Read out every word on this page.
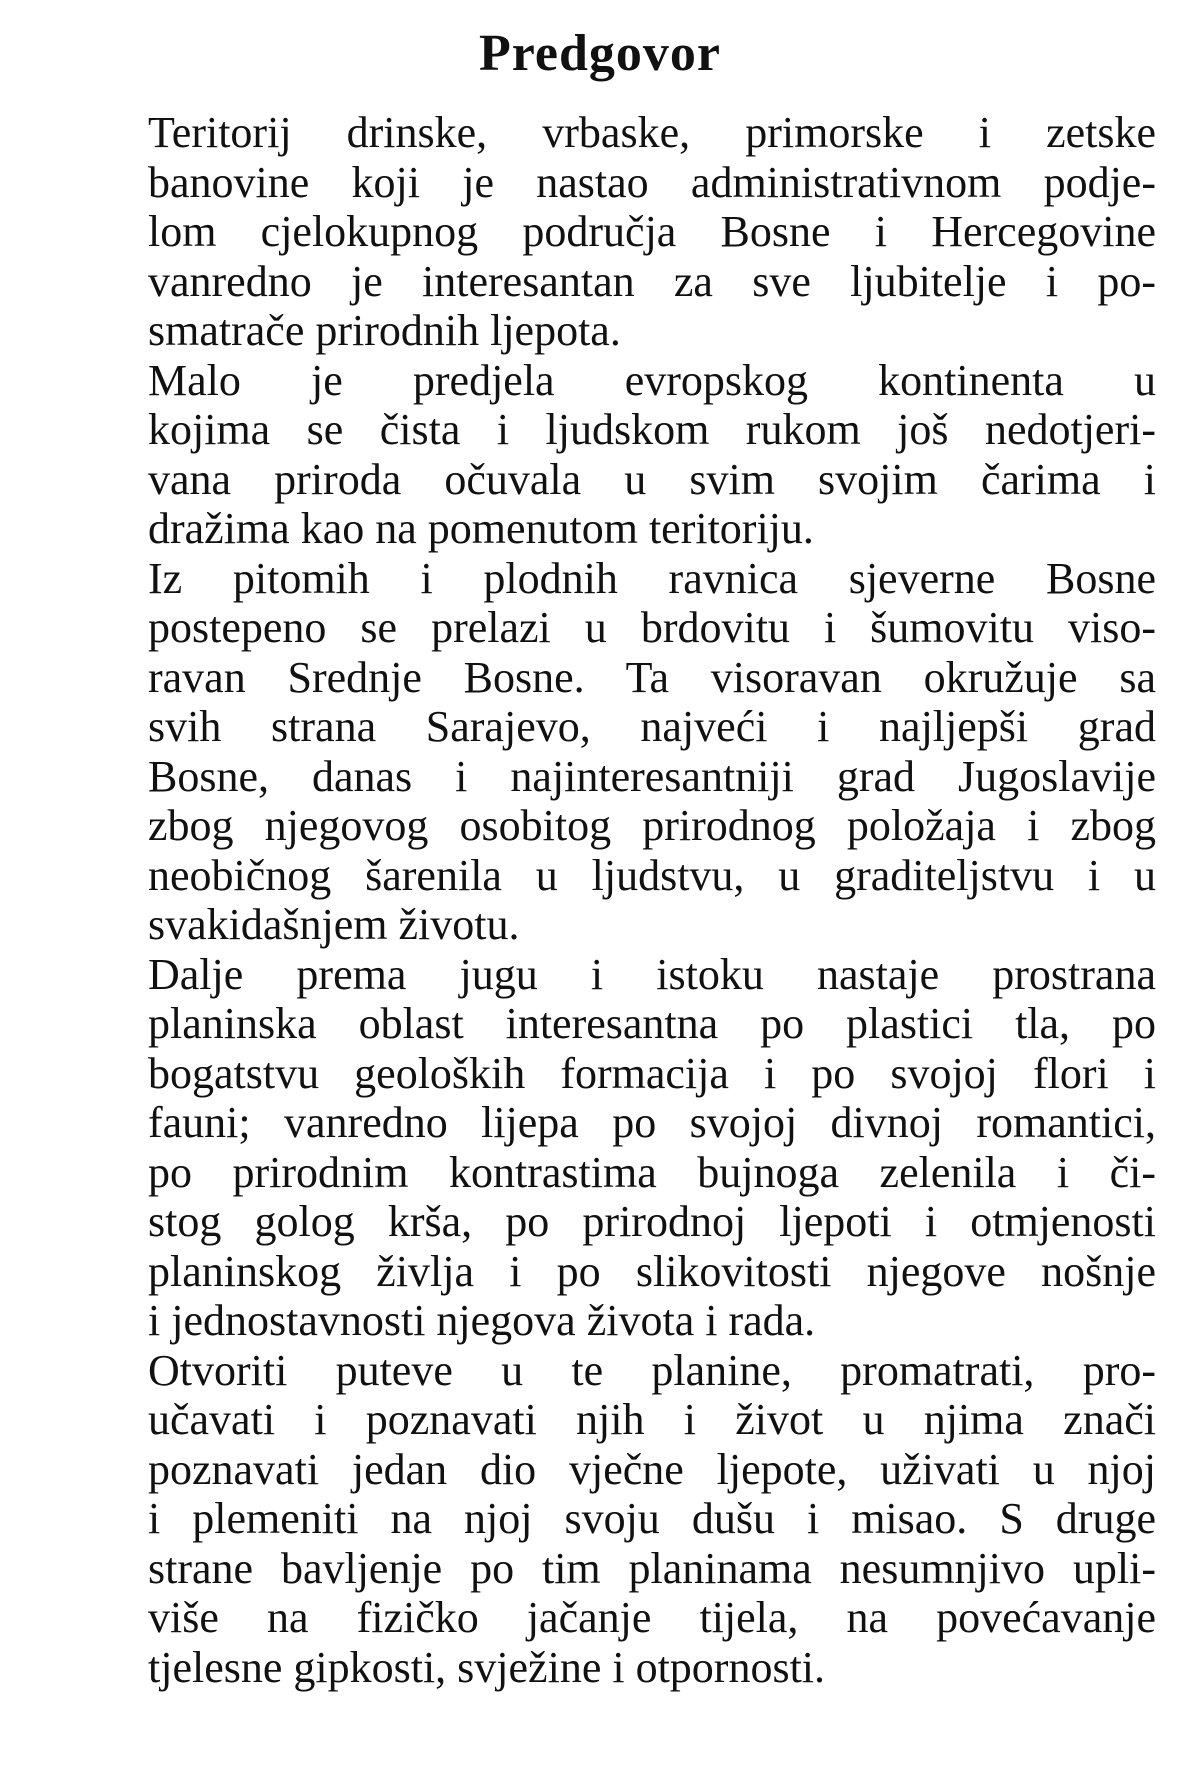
Predgovor

Teritorij drinske, vrbaske, primorske i zetske
banovine koji je nastao administrativnom podje-
lom cjelokupnog područja Bosne i Hercegovine
vanredno je interesantan za sve ljubitelje i po-
smatrače prirodnih ljepota.

Malo je predjela evropskog kontinenta u
kojima se čista i ljudskom rukom još nedotjeri-
vana priroda očuvala u svim svojim čarima i
dražima kao na pomenutom teritoriju.

Iz pitomih i plodnih ravnica sjeverne Bosne
postepeno se prelazi u brdovitu i šumovitu viso-
ravan Srednje Bosne. Ta visoravan okružuje sa
svih strana Sarajevo, najveći i najljepši grad
Bosne, danas i najinteresantniji grad Jugoslavije
zbog njegovog osobitog prirodnog položaja i zbog
neobičnog šarenila u ljudstvu, u graditeljstvu i u
svakidašnjem životu.

Dalje prema jugu i istoku nastaje prostrana
planinska oblast interesantna po plastici tla, po
bogatstvu geoloških formacija i po svojoj flori i
fauni; vanredno lijepa po svojoj divnoj romantici,
po prirodnim kontrastima bujnoga zelenila i či-
stog golog krša, po prirodnoj ljepoti i otmjenosti
planinskog življa i po slikovitosti njegove nošnje
i jednostavnosti njegova života i rada.

Otvoriti puteve u te planine, promatrati, pro-
učavati i poznavati njih i život u njima znači
poznavati jedan dio vječne ljepote, uživati u njoj
i plemeniti na njoj svoju dušu i misao. S druge
strane bavljenje po tim planinama nesumnjivo upli-
više na fizičko jačanje tijela, na povećavanje
tjelesne gipkosti, svježine i otpornosti.
